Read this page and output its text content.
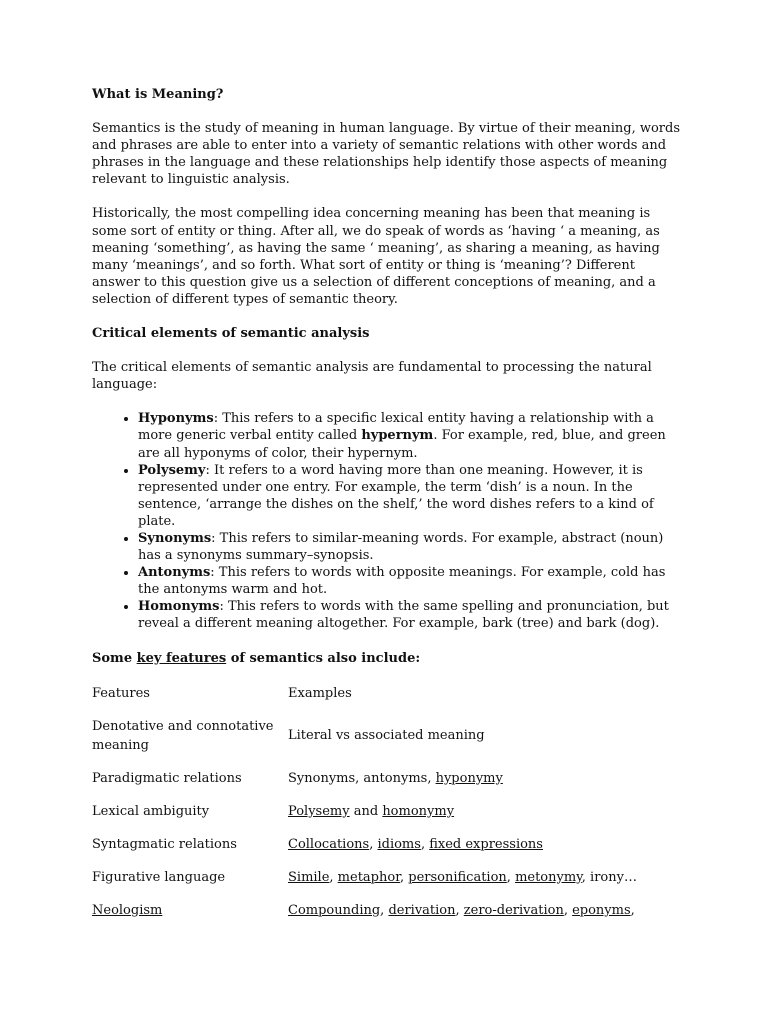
What is Meaning?

Semantics is the study of meaning in human language. By virtue of their meaning, words and phrases are able to enter into a variety of semantic relations with other words and phrases in the language and these relationships help identify those aspects of meaning relevant to linguistic analysis.

Historically, the most compelling idea concerning meaning has been that meaning is some sort of entity or thing. After all, we do speak of words as ‘having ‘ a meaning, as meaning ‘something’, as having the same ‘ meaning’, as sharing a meaning, as having many ‘meanings’, and so forth. What sort of entity or thing is ‘meaning’? Different answer to this question give us a selection of different conceptions of meaning, and a selection of different types of semantic theory.

Critical elements of semantic analysis

The critical elements of semantic analysis are fundamental to processing the natural language:

• Hyponyms: This refers to a specific lexical entity having a relationship with a more generic verbal entity called hypernym. For example, red, blue, and green are all hyponyms of color, their hypernym.
• Polysemy: It refers to a word having more than one meaning. However, it is represented under one entry. For example, the term ‘dish’ is a noun. In the sentence, ‘arrange the dishes on the shelf,’ the word dishes refers to a kind of plate.
• Synonyms: This refers to similar-meaning words. For example, abstract (noun) has a synonyms summary–synopsis.
• Antonyms: This refers to words with opposite meanings. For example, cold has the antonyms warm and hot.
• Homonyms: This refers to words with the same spelling and pronunciation, but reveal a different meaning altogether. For example, bark (tree) and bark (dog).
Some key features of semantics also include:
Features	Examples
Denotative and connotative meaning	Literal vs associated meaning
Paradigmatic relations	Synonyms, antonyms, hyponymy
Lexical ambiguity	Polysemy and homonymy
Syntagmatic relations	Collocations, idioms, fixed expressions
Figurative language	Simile, metaphor, personification, metonymy, irony…
Neologism	Compounding, derivation, zero-derivation, eponyms,
